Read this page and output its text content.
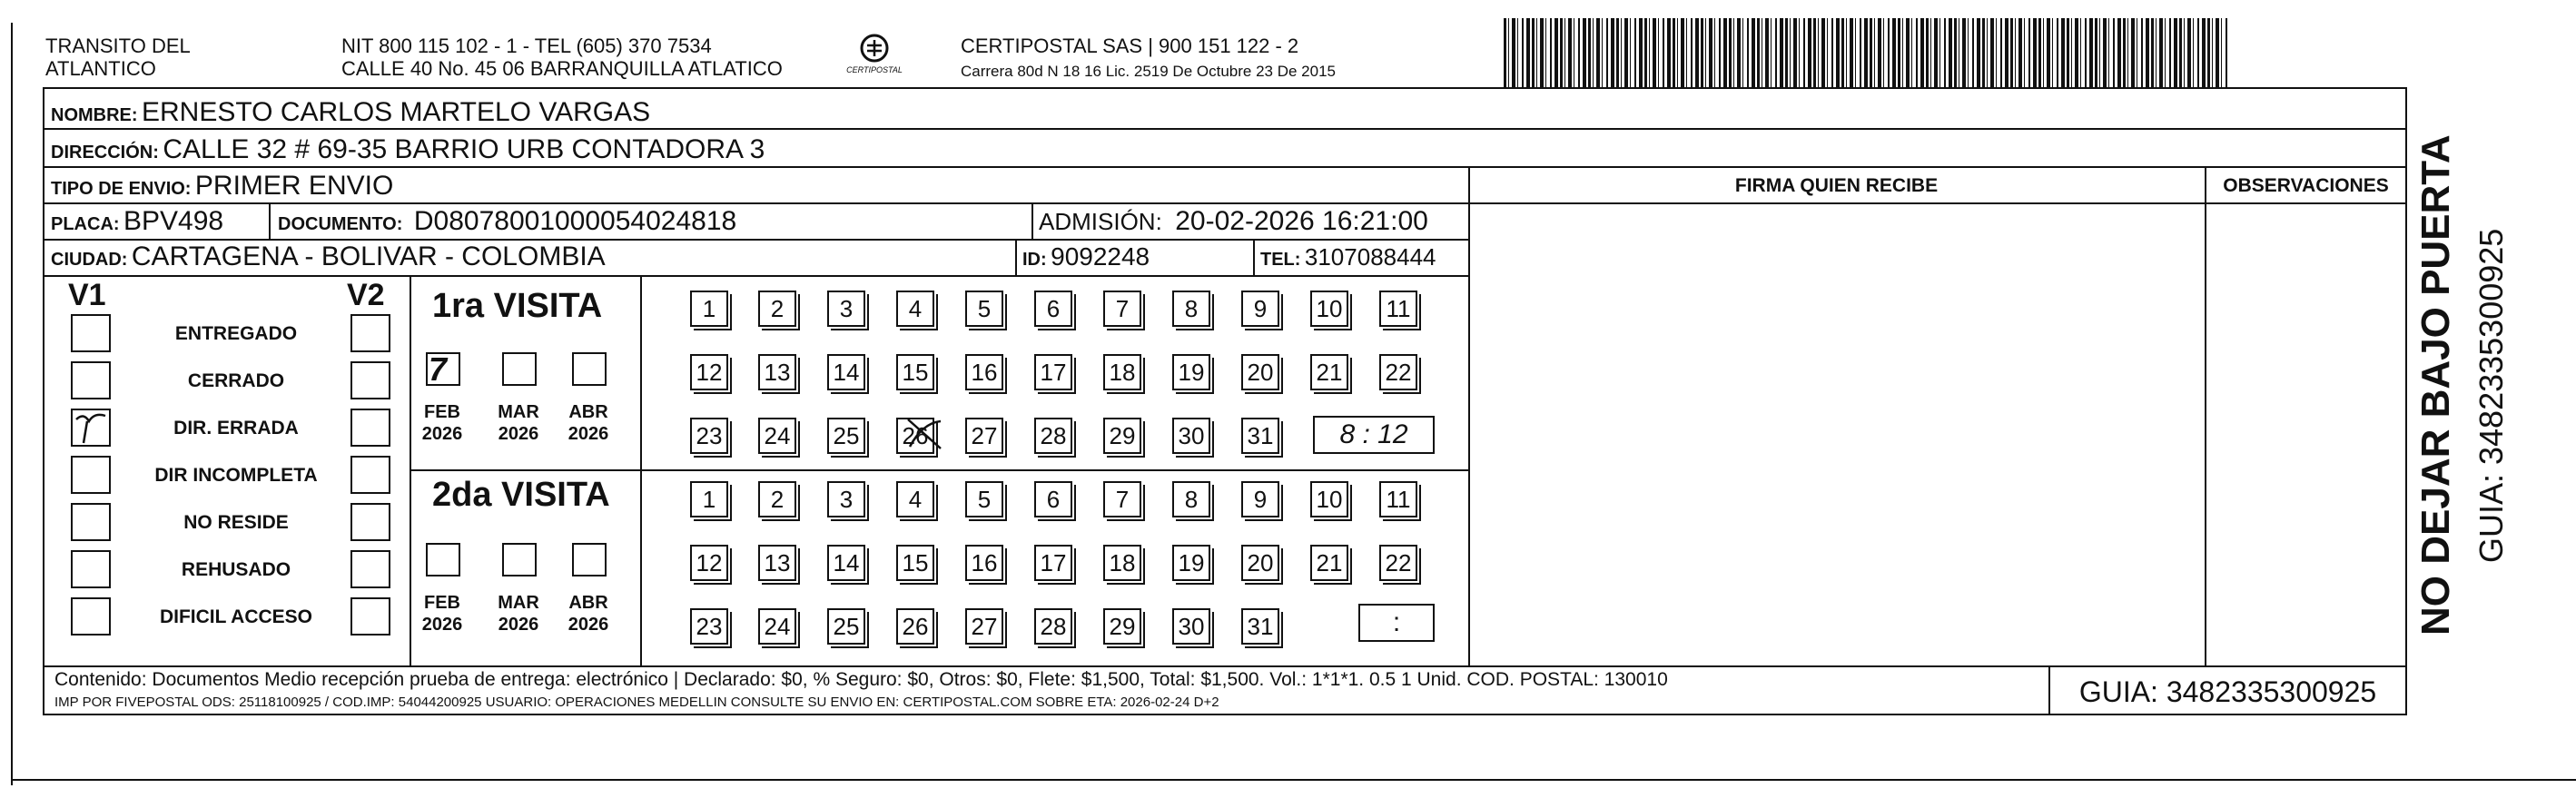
TRANSITO DEL
ATLANTICO
NIT 800 115 102 - 1 - TEL (605) 370 7534
CALLE 40 No. 45 06 BARRANQUILLA ATLATICO	CERTIPOSTAL
CERTIPOSTAL SAS | 900 151 122 - 2
Carrera 80d N 18 16 Lic. 2519 De Octubre 23 De 2015
NOMBRE: ERNESTO CARLOS MARTELO VARGAS
DIRECCIÓN: CALLE 32 # 69-35 BARRIO URB CONTADORA 3
TIPO DE ENVIO: PRIMER ENVIO	FIRMA QUIEN RECIBE	OBSERVACIONES
PLACA: BPV498	DOCUMENTO: D08078001000054024818	ADMISIÓN: 20-02-2026 16:21:00
CIUDAD: CARTAGENA - BOLIVAR - COLOMBIA	ID: 9092248	TEL: 3107088444
V1	V2
ENTREGADO
CERRADO
DIR. ERRADA
DIR INCOMPLETA
NO RESIDE
REHUSADO
DIFICIL ACCESO
1ra VISITA
7
FEB
2026
MAR
2026
ABR
2026
1	2	3	4	5	6	7	8	9	10 11
12 13 14 15 16 17 18 19 20 21 22
23 24 25 26 27 28 29 30 31	8 : 12
2da VISITA
FEB
2026
MAR
2026
ABR
2026
1	2	3	4	5	6	7	8	9	10 11
12 13 14 15 16 17 18 19 20 21 22
23 24 25 26 27 28 29 30 31	:
Contenido: Documentos Medio recepción prueba de entrega: electrónico | Declarado: $0, % Seguro: $0, Otros: $0, Flete: $1,500, Total: $1,500. Vol.: 1*1*1. 0.5 1 Unid. COD. POSTAL: 130010
IMP POR FIVEPOSTAL ODS: 25118100925 / COD.IMP: 54044200925 USUARIO: OPERACIONES MEDELLIN CONSULTE SU ENVIO EN: CERTIPOSTAL.COM SOBRE ETA: 2026-02-24 D+2	GUIA: 3482335300925
NO DEJAR BAJO PUERTA GUIA: 3482335300925
